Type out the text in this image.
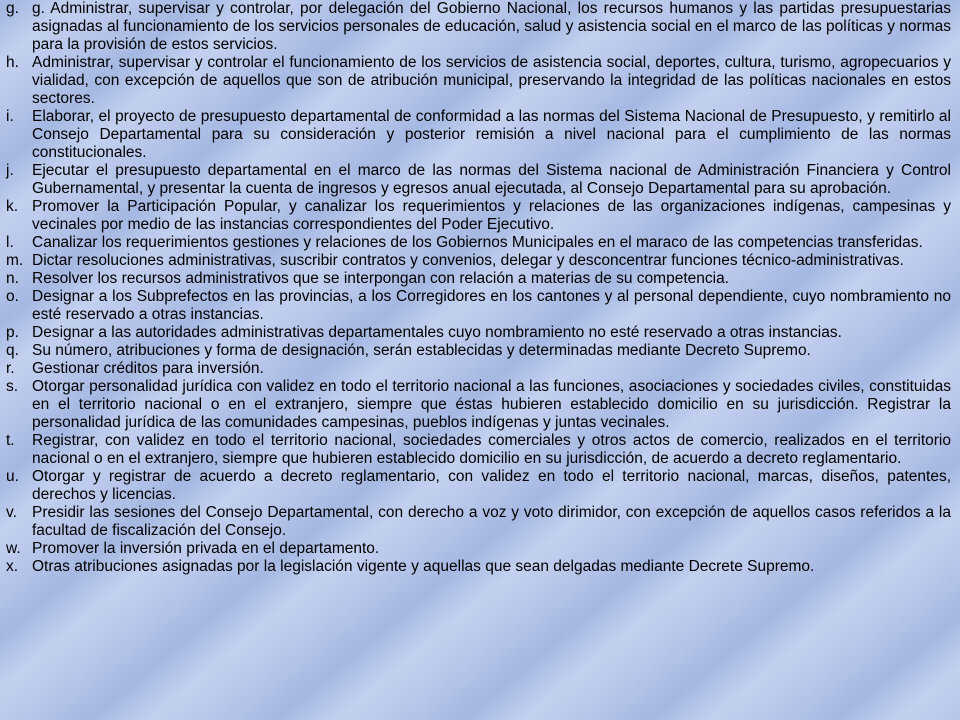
g. g. Administrar, supervisar y controlar, por delegación del Gobierno Nacional, los recursos humanos y las partidas presupuestarias asignadas al funcionamiento de los servicios personales de educación, salud y asistencia social en el marco de las políticas y normas para la provisión de estos servicios.
h. Administrar, supervisar y controlar el funcionamiento de los servicios de asistencia social, deportes, cultura, turismo, agropecuarios y vialidad, con excepción de aquellos que son de atribución municipal, preservando la integridad de las políticas nacionales en estos sectores.
i.	Elaborar, el proyecto de presupuesto departamental de conformidad a las normas del Sistema Nacional de Presupuesto, y remitirlo al Consejo Departamental para su consideración y posterior remisión a nivel nacional para el cumplimiento de las normas constitucionales.
j.	Ejecutar el presupuesto departamental en el marco de las normas del Sistema nacional de Administración Financiera y Control Gubernamental, y presentar la cuenta de ingresos y egresos anual ejecutada, al Consejo Departamental para su aprobación.
k. Promover la Participación Popular, y canalizar los requerimientos y relaciones de las organizaciones indígenas, campesinas y vecinales por medio de las instancias correspondientes del Poder Ejecutivo.
l.	Canalizar los requerimientos gestiones y relaciones de los Gobiernos Municipales en el maraco de las competencias transferidas.
m. Dictar resoluciones administrativas, suscribir contratos y convenios, delegar y desconcentrar funciones técnico-administrativas.
n. Resolver los recursos administrativos que se interpongan con relación a materias de su competencia.
o. Designar a los Subprefectos en las provincias, a los Corregidores en los cantones y al personal dependiente, cuyo nombramiento no esté reservado a otras instancias.
p. Designar a las autoridades administrativas departamentales cuyo nombramiento no esté reservado a otras instancias.
q. Su número, atribuciones y forma de designación, serán establecidas y determinadas mediante Decreto Supremo.
r.	Gestionar créditos para inversión.
s. Otorgar personalidad jurídica con validez en todo el territorio nacional a las funciones, asociaciones y sociedades civiles, constituidas en el territorio nacional o en el extranjero, siempre que éstas hubieren establecido domicilio en su jurisdicción. Registrar la personalidad jurídica de las comunidades campesinas, pueblos indígenas y juntas vecinales.
t.	Registrar, con validez en todo el territorio nacional, sociedades comerciales y otros actos de comercio, realizados en el territorio nacional o en el extranjero, siempre que hubieren establecido domicilio en su jurisdicción, de acuerdo a decreto reglamentario.
u. Otorgar y registrar de acuerdo a decreto reglamentario, con validez en todo el territorio nacional, marcas, diseños, patentes, derechos y licencias.
v. Presidir las sesiones del Consejo Departamental, con derecho a voz y voto dirimidor, con excepción de aquellos casos referidos a la facultad de fiscalización del Consejo.
w. Promover la inversión privada en el departamento.
x. Otras atribuciones asignadas por la legislación vigente y aquellas que sean delgadas mediante Decrete Supremo.
